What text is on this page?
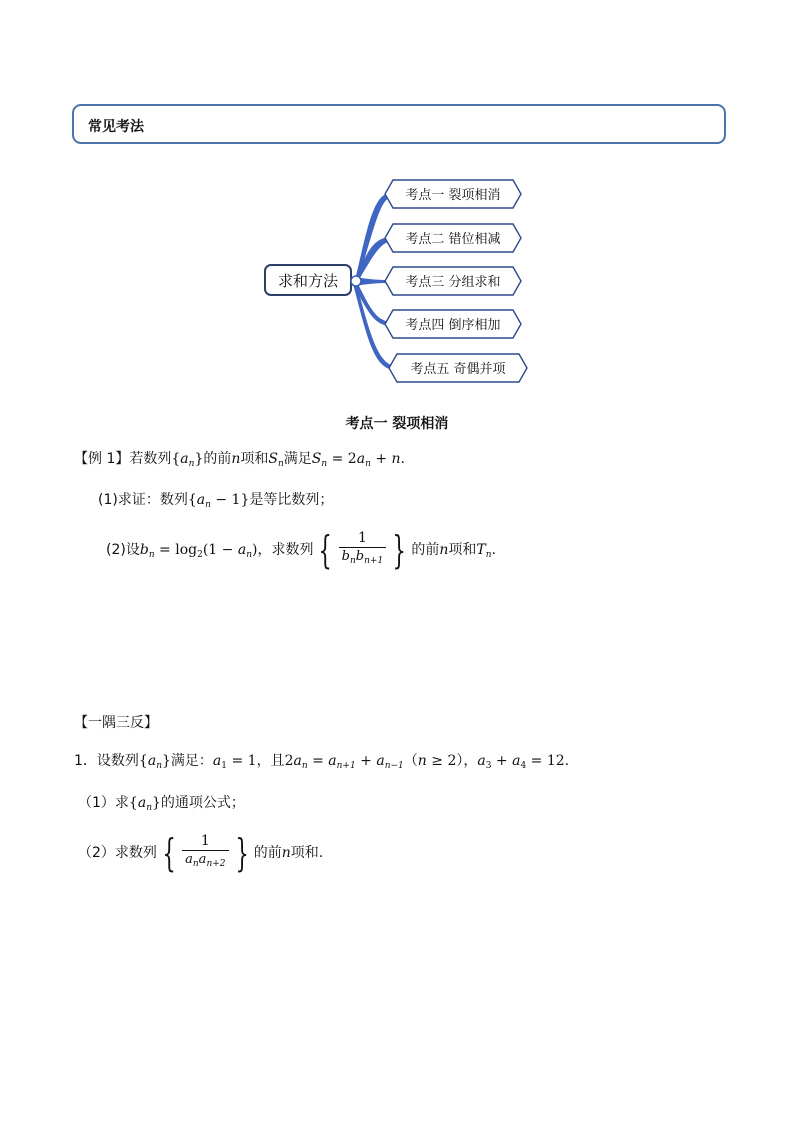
常见考法
求和方法
考点一 裂项相消
考点二 错位相减
考点三 分组求和
考点四 倒序相加
考点五 奇偶并项
考点一 裂项相消
【例 1】若数列$\{a_n\}$的前n项和$S_n$满足$S_n = 2a_n + n$.
(1)求证：数列$\{a_n - 1\}$是等比数列；
(2)设$b_n = \log_2(1 - a_n)$，求数列 { $\frac{1}{b_nb_{n+1}}$ } 的前n项和$T_n$.
【一隅三反】
1．设数列$\{a_n\}$满足：$a_1 = 1$，且$2a_n = a_{n+1} + a_{n-1}(n \ge 2)$，$a_3 + a_4 = 12$.
（1）求$\{a_n\}$的通项公式；
（2）求数列 { $\frac{1}{a_na_{n+2}}$ } 的前n项和.
